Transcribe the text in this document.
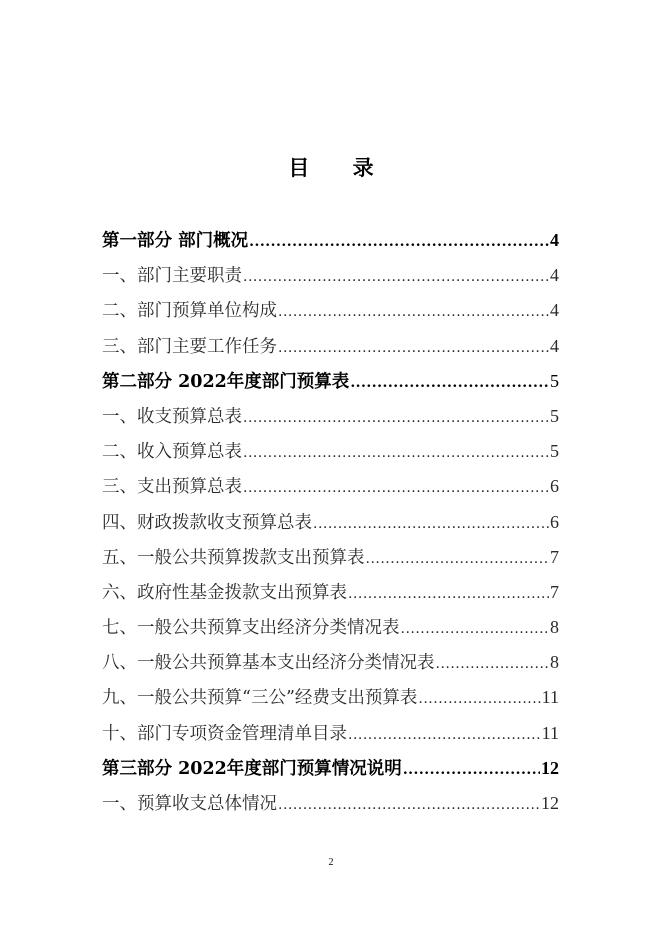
目 录
第一部分 部门概况 .....	4
一、部门主要职责 .....	4
二、部门预算单位构成 .....	4
三、部门主要工作任务 .....	4
第二部分 2022年度部门预算表 .....	5
一、收支预算总表 .....	5
二、收入预算总表 .....	5
三、支出预算总表 .....	6
四、财政拨款收支预算总表 .....	6
五、一般公共预算拨款支出预算表 .....	7
六、政府性基金拨款支出预算表 .....	7
七、一般公共预算支出经济分类情况表 .....	8
八、一般公共预算基本支出经济分类情况表 .....	8
九、一般公共预算“三公”经费支出预算表 .....	11
十、部门专项资金管理清单目录 .....	11
第三部分 2022年度部门预算情况说明 .....	12
一、预算收支总体情况 .....	12
2
